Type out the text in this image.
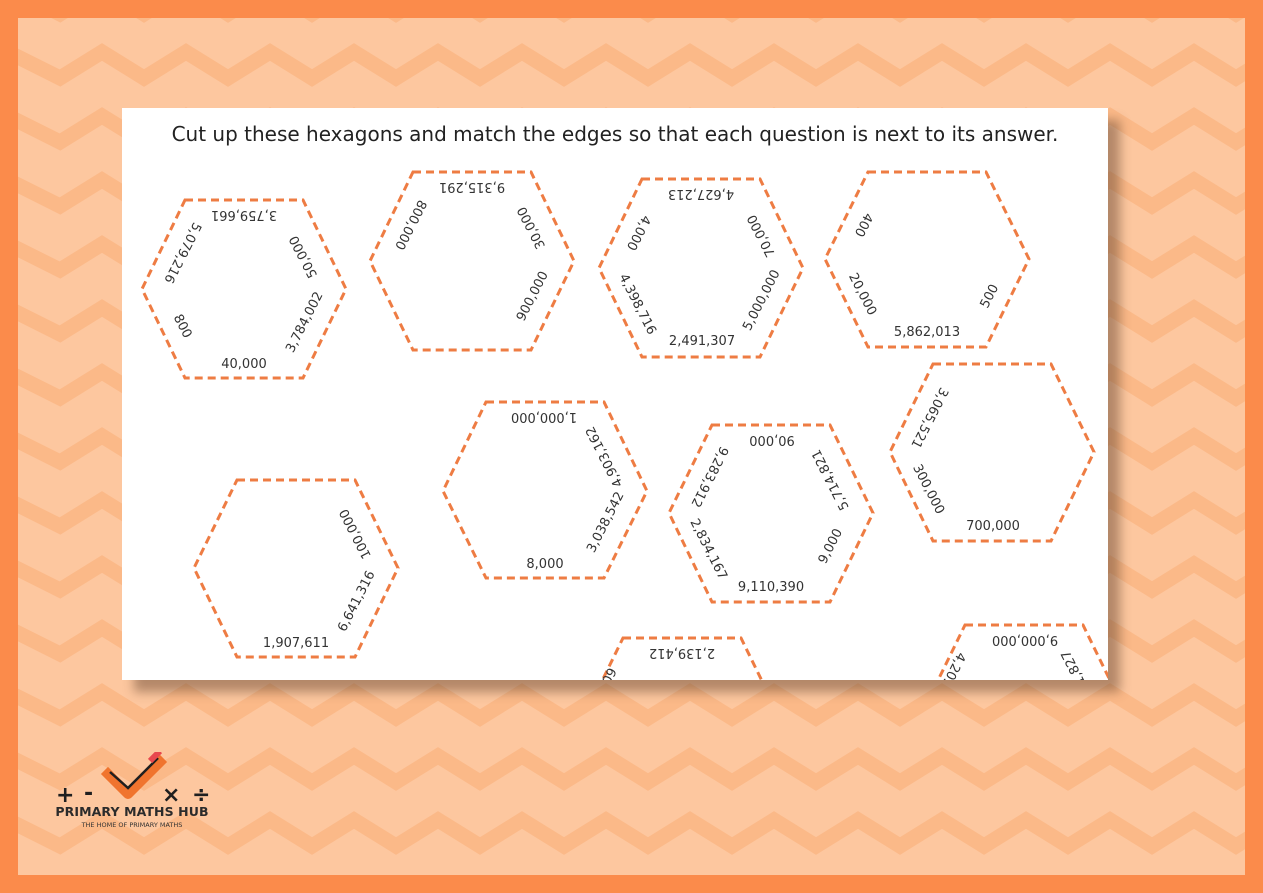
Cut up these hexagons and match the edges so that each question is next to its answer.

3,759,661
50,000
3,784,002
40,000
800
5,079,216
9,315,291
30,000
900,000
800,000
4,627,213
70,000
5,000,000
2,491,307
4,398,716
4,000	400
20,000
5,862,013
500
1,000,000
4,903,162
3,038,542
8,000
90,000
5,714,821
9,000
9,110,390
2,834,167
9,283,912
3,065,521
300,000
700,000
100,000
6,641,316
1,907,611
2,139,412
60
9,000,000
4,209	1,827
+ -	× ÷
PRIMARY MATHS HUB
THE HOME OF PRIMARY MATHS
